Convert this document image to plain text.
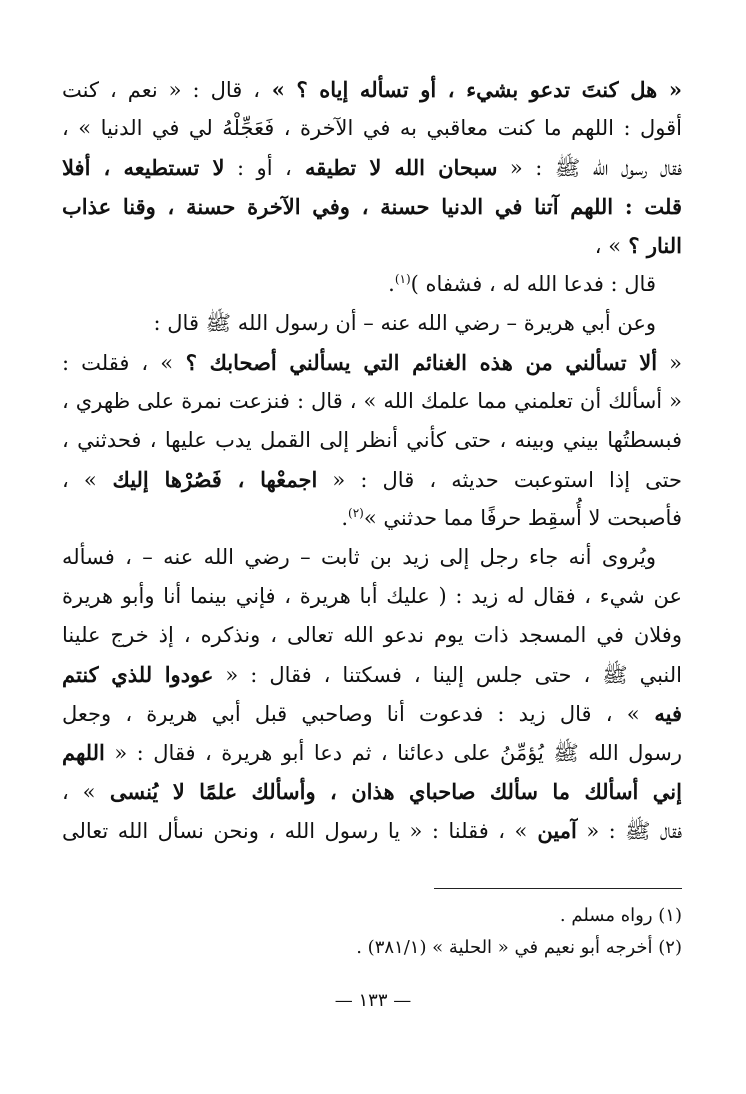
« هل كنتَ تدعو بشيء ، أو تسأله إياه ؟ » ، قال : « نعم ، كنت
أقول : اللهم ما كنت معاقبي به في الآخرة ، فَعَجِّلْهُ لي في الدنيا » ،
فقال رسول الله ﷺ : « سبحان الله لا تطيقه ، أو : لا تستطيعه ، أفلا
قلت : اللهم آتنا في الدنيا حسنة ، وفي الآخرة حسنة ، وقنا عذاب
النار ؟ » ،
قال : فدعا الله له ، فشفاه )$^{(١)}$.
وعن أبي هريرة – رضي الله عنه – أن رسول الله ﷺ قال :
« ألا تسألني من هذه الغنائم التي يسألني أصحابك ؟ » ، فقلت :
« أسألك أن تعلمني مما علمك الله » ، قال : فنزعت نمرة على ظهري ،
فبسطتُها بيني وبينه ، حتى كأني أنظر إلى القمل يدب عليها ، فحدثني ،
حتى إذا استوعبت حديثه ، قال : « اجمعْها ، فَصُرْها إليك » ،
فأصبحت لا أُسقِط حرفًا مما حدثني »$^{(٢)}$.
ويُروى أنه جاء رجل إلى زيد بن ثابت – رضي الله عنه – ، فسأله
عن شيء ، فقال له زيد : ( عليك أبا هريرة ، فإني بينما أنا وأبو هريرة
وفلان في المسجد ذات يوم ندعو الله تعالى ، ونذكره ، إذ خرج علينا
النبي ﷺ ، حتى جلس إلينا ، فسكتنا ، فقال : « عودوا للذي كنتم
فيه » ، قال زيد : فدعوت أنا وصاحبي قبل أبي هريرة ، وجعل
رسول الله ﷺ يُؤمِّنُ على دعائنا ، ثم دعا أبو هريرة ، فقال : « اللهم
إني أسألك ما سألك صاحباي هذان ، وأسألك علمًا لا يُنسى » ،
فقال ﷺ : « آمين » ، فقلنا : « يا رسول الله ، ونحن نسأل الله تعالى
(١) رواه مسلم .
(٢) أخرجه أبو نعيم في « الحلية » (٣٨١/١) .
— ١٣٣ —
